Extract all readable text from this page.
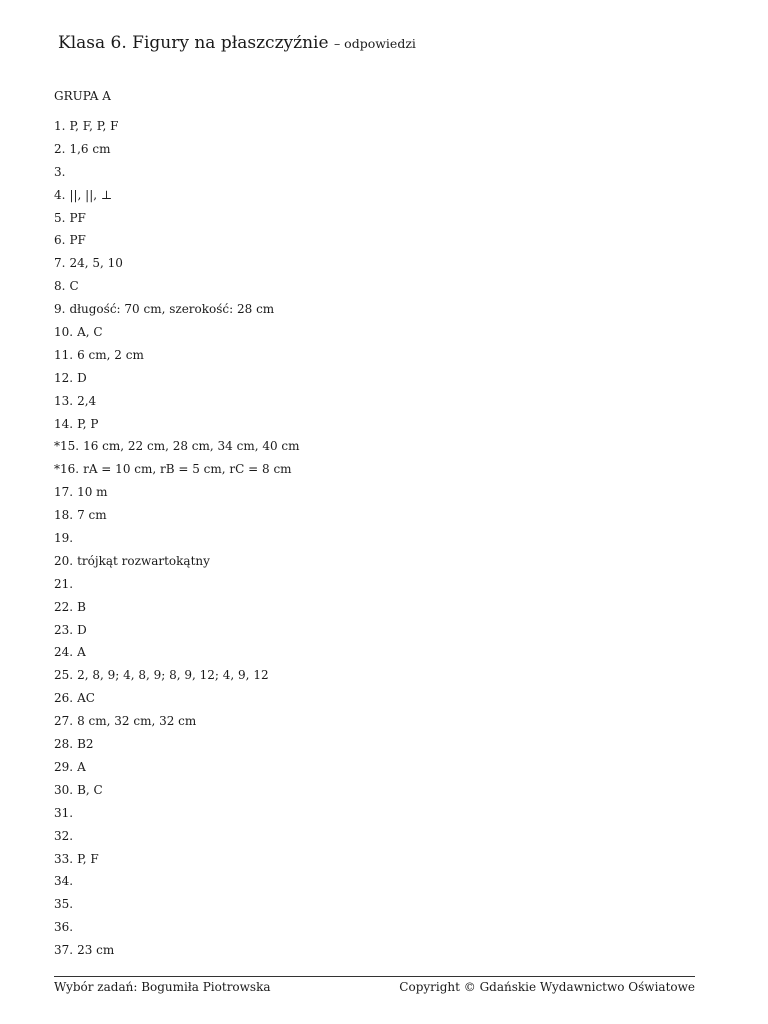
Klasa 6. Figury na płaszczyźnie – odpowiedzi
GRUPA A
1. P, F, P, F
2. 1,6 cm
3.
4. ||, ||, ⊥
5. PF
6. PF
7. 24, 5, 10
8. C
9. długość: 70 cm, szerokość: 28 cm
10. A, C
11. 6 cm, 2 cm
12. D
13. 2,4
14. P, P
*15. 16 cm, 22 cm, 28 cm, 34 cm, 40 cm
*16. rA = 10 cm, rB = 5 cm, rC = 8 cm
17. 10 m
18. 7 cm
19.
20. trójkąt rozwartokątny
21.
22. B
23. D
24. A
25. 2, 8, 9; 4, 8, 9; 8, 9, 12; 4, 9, 12
26. AC
27. 8 cm, 32 cm, 32 cm
28. B2
29. A
30. B, C
31.
32.
33. P, F
34.
35.
36.
37. 23 cm
Wybór zadań: Bogumiła Piotrowska	Copyright © Gdańskie Wydawnictwo Oświatowe
